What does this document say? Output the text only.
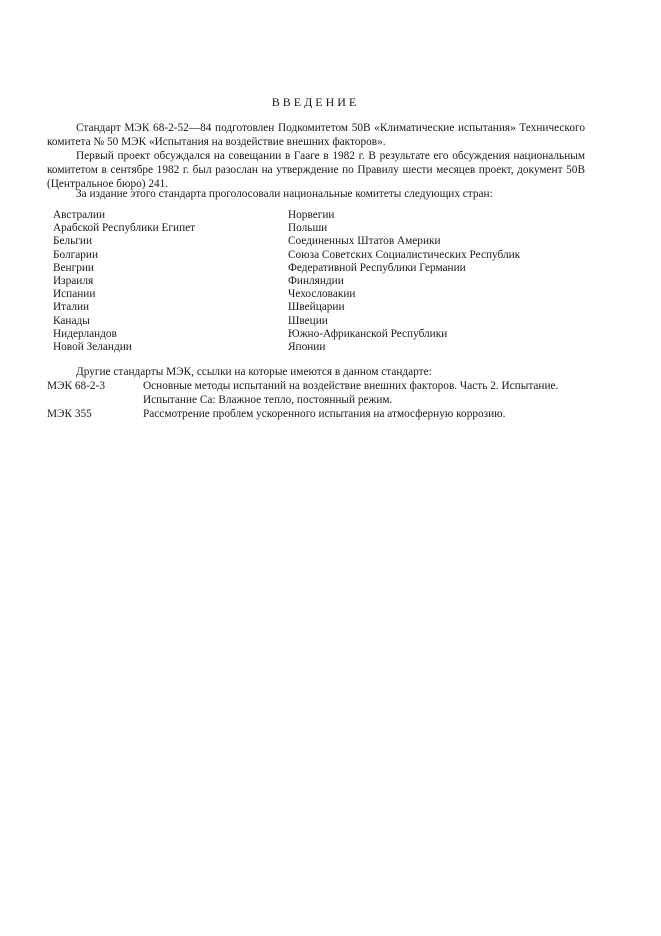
ВВЕДЕНИЕ
Стандарт МЭК 68-2-52—84 подготовлен Подкомитетом 50В «Климатические испытания» Технического комитета № 50 МЭК «Испытания на воздействие внешних факторов».
Первый проект обсуждался на совещании в Гааге в 1982 г. В результате его обсуждения национальным комитетом в сентябре 1982 г. был разослан на утверждение по Правилу шести месяцев проект, документ 50В (Центральное бюро) 241.
За издание этого стандарта проголосовали национальные комитеты следующих стран:
Австралии
Арабской Республики Египет
Бельгии
Болгарии
Венгрии
Израиля
Испании
Италии
Канады
Нидерландов
Новой Зеландии
Норвегии
Польши
Соединенных Штатов Америки
Союза Советских Социалистических Республик
Федеративной Республики Германии
Финляндии
Чехословакии
Швейцарии
Швеции
Южно-Африканской Республики
Японии
Другие стандарты МЭК, ссылки на которые имеются в данном стандарте:
МЭК 68-2-3	Основные методы испытаний на воздействие внешних факторов. Часть 2. Испытание. Испытание Са: Влажное тепло, постоянный режим.
МЭК 355	Рассмотрение проблем ускоренного испытания на атмосферную коррозию.
